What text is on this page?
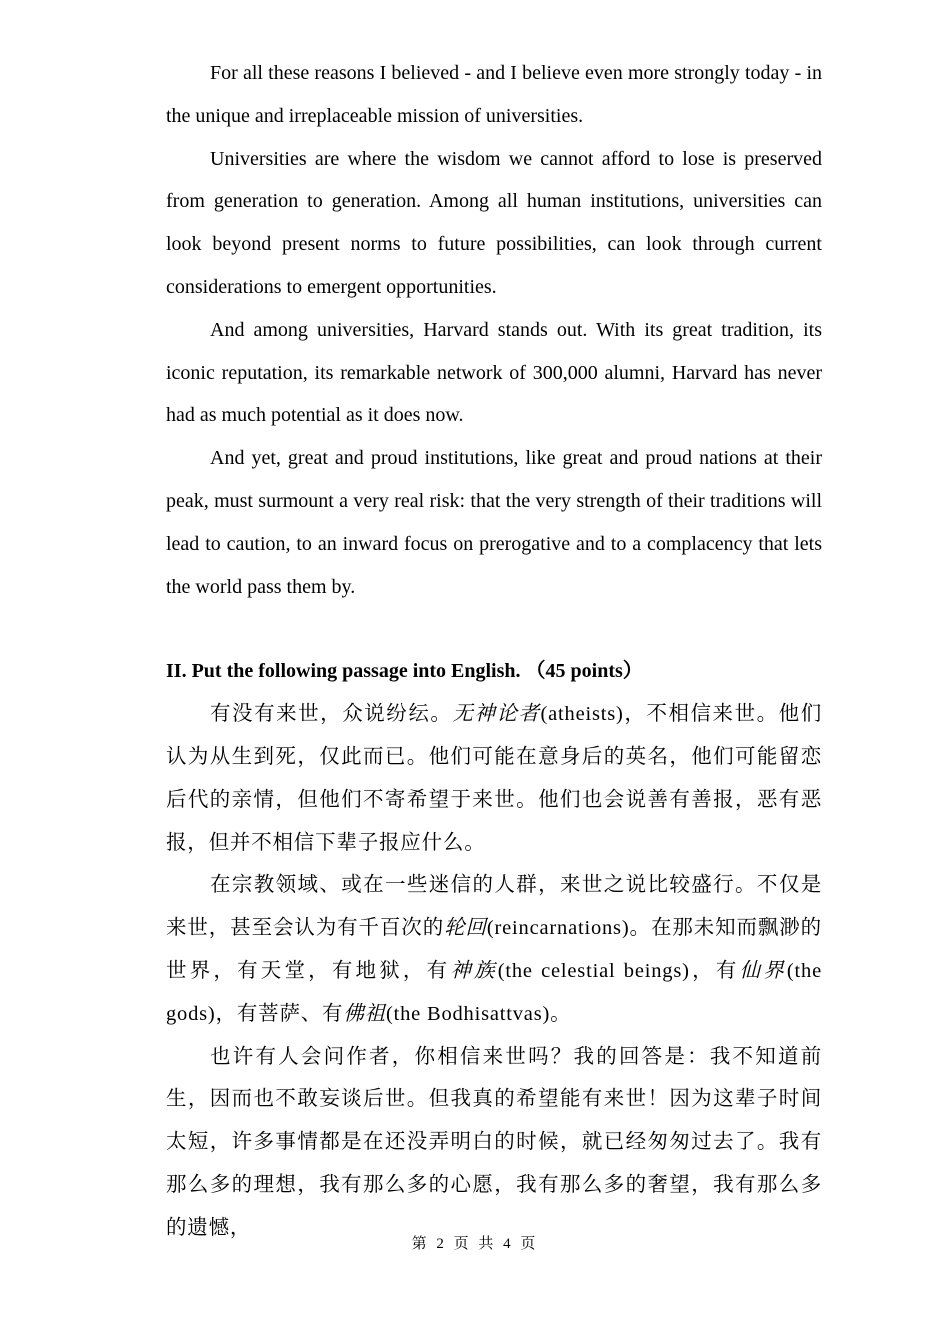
For all these reasons I believed - and I believe even more strongly today - in the unique and irreplaceable mission of universities.

Universities are where the wisdom we cannot afford to lose is preserved from generation to generation. Among all human institutions, universities can look beyond present norms to future possibilities, can look through current considerations to emergent opportunities.

And among universities, Harvard stands out. With its great tradition, its iconic reputation, its remarkable network of 300,000 alumni, Harvard has never had as much potential as it does now.

And yet, great and proud institutions, like great and proud nations at their peak, must surmount a very real risk: that the very strength of their traditions will lead to caution, to an inward focus on prerogative and to a complacency that lets the world pass them by.

II. Put the following passage into English. （45 points）

有没有来世，众说纷纭。无神论者(atheists)，不相信来世。他们认为从生到死，仅此而已。他们可能在意身后的英名，他们可能留恋后代的亲情，但他们不寄希望于来世。他们也会说善有善报，恶有恶报，但并不相信下辈子报应什么。

在宗教领域、或在一些迷信的人群，来世之说比较盛行。不仅是来世，甚至会认为有千百次的轮回(reincarnations)。在那未知而飘渺的世界，有天堂，有地狱，有神族(the celestial beings)，有仙界(the gods)，有菩萨、有佛祖(the Bodhisattvas)。

也许有人会问作者，你相信来世吗？我的回答是：我不知道前生，因而也不敢妄谈后世。但我真的希望能有来世！因为这辈子时间太短，许多事情都是在还没弄明白的时候，就已经匆匆过去了。我有那么多的理想，我有那么多的心愿，我有那么多的奢望，我有那么多的遗憾，

第 2 页 共 4 页
